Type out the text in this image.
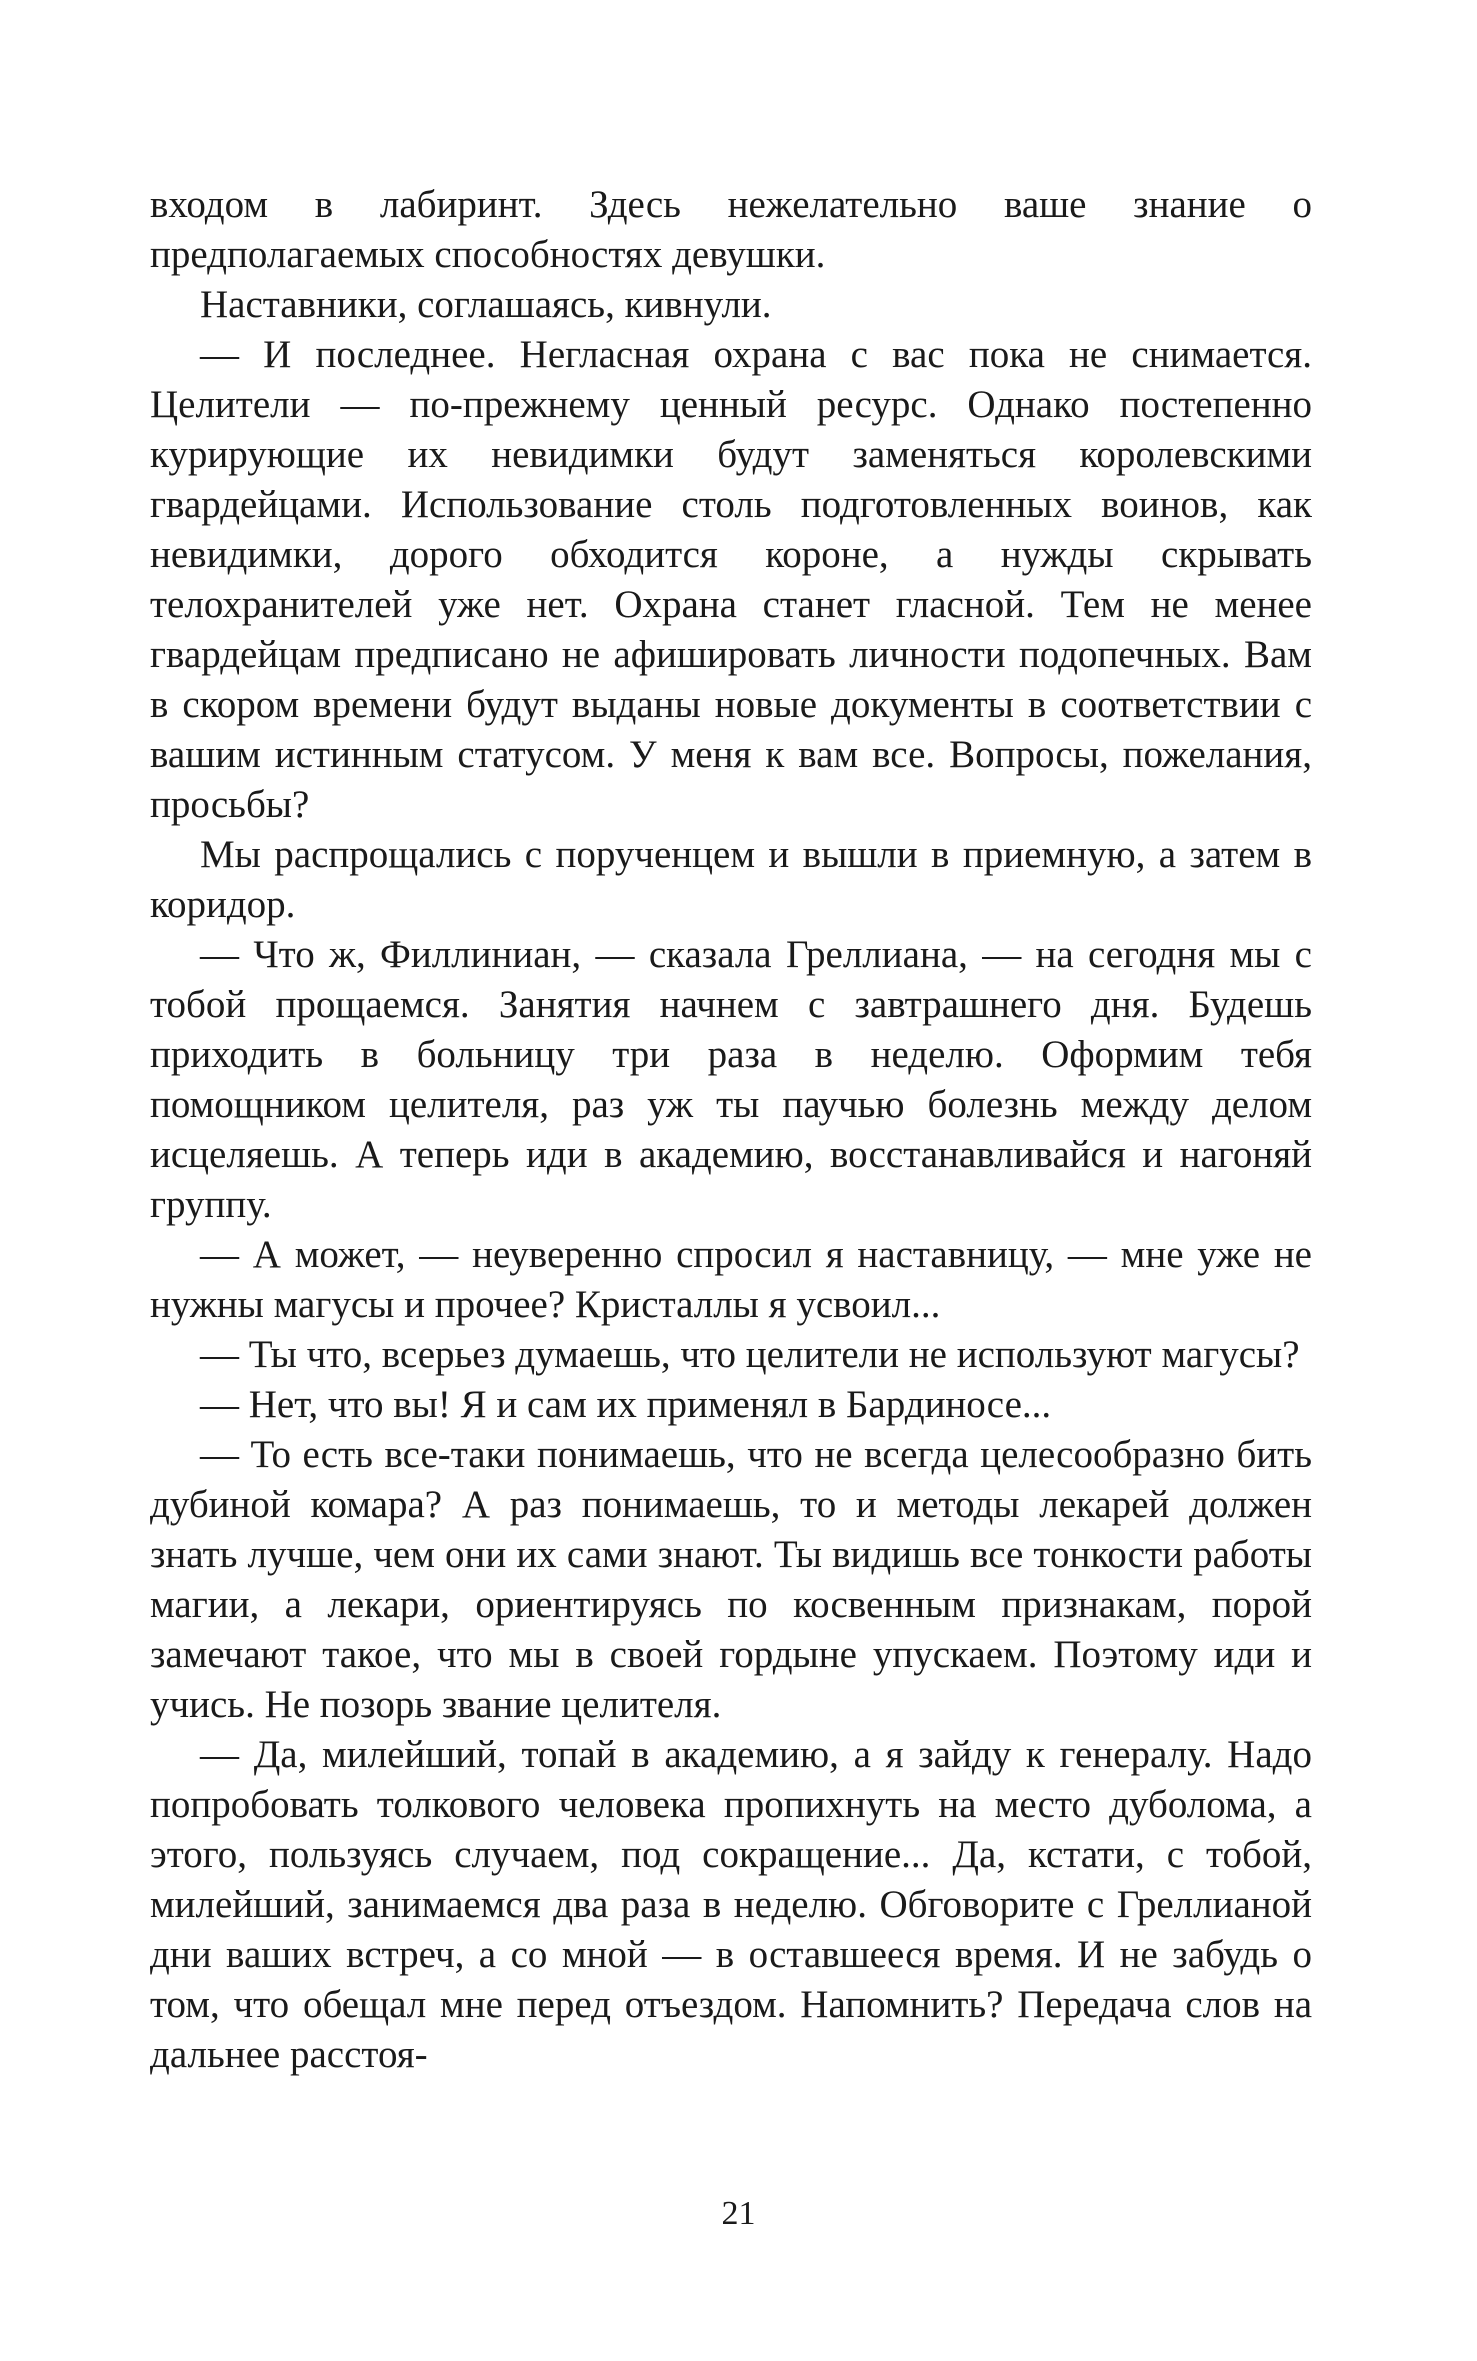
входом в лабиринт. Здесь нежелательно ваше знание о предполагаемых способностях девушки.

Наставники, соглашаясь, кивнули.

— И последнее. Негласная охрана с вас пока не снимается. Целители — по-прежнему ценный ресурс. Однако постепенно курирующие их невидимки будут заменяться королевскими гвардейцами. Использование столь подготовленных воинов, как невидимки, дорого обходится короне, а нужды скрывать телохранителей уже нет. Охрана станет гласной. Тем не менее гвардейцам предписано не афишировать личности подопечных. Вам в скором времени будут выданы новые документы в соответствии с вашим истинным статусом. У меня к вам все. Вопросы, пожелания, просьбы?

Мы распрощались с порученцем и вышли в приемную, а затем в коридор.

— Что ж, Филлиниан, — сказала Греллиана, — на сегодня мы с тобой прощаемся. Занятия начнем с завтрашнего дня. Будешь приходить в больницу три раза в неделю. Оформим тебя помощником целителя, раз уж ты паучью болезнь между делом исцеляешь. А теперь иди в академию, восстанавливайся и нагоняй группу.

— А может, — неуверенно спросил я наставницу, — мне уже не нужны магусы и прочее? Кристаллы я усвоил...

— Ты что, всерьез думаешь, что целители не используют магусы?

— Нет, что вы! Я и сам их применял в Бардиносе...

— То есть все-таки понимаешь, что не всегда целесообразно бить дубиной комара? А раз понимаешь, то и методы лекарей должен знать лучше, чем они их сами знают. Ты видишь все тонкости работы магии, а лекари, ориентируясь по косвенным признакам, порой замечают такое, что мы в своей гордыне упускаем. Поэтому иди и учись. Не позорь звание целителя.

— Да, милейший, топай в академию, а я зайду к генералу. Надо попробовать толкового человека пропихнуть на место дуболома, а этого, пользуясь случаем, под сокращение... Да, кстати, с тобой, милейший, занимаемся два раза в неделю. Обговорите с Греллианой дни ваших встреч, а со мной — в оставшееся время. И не забудь о том, что обещал мне перед отъездом. Напомнить? Передача слов на дальнее расстоя-

21
